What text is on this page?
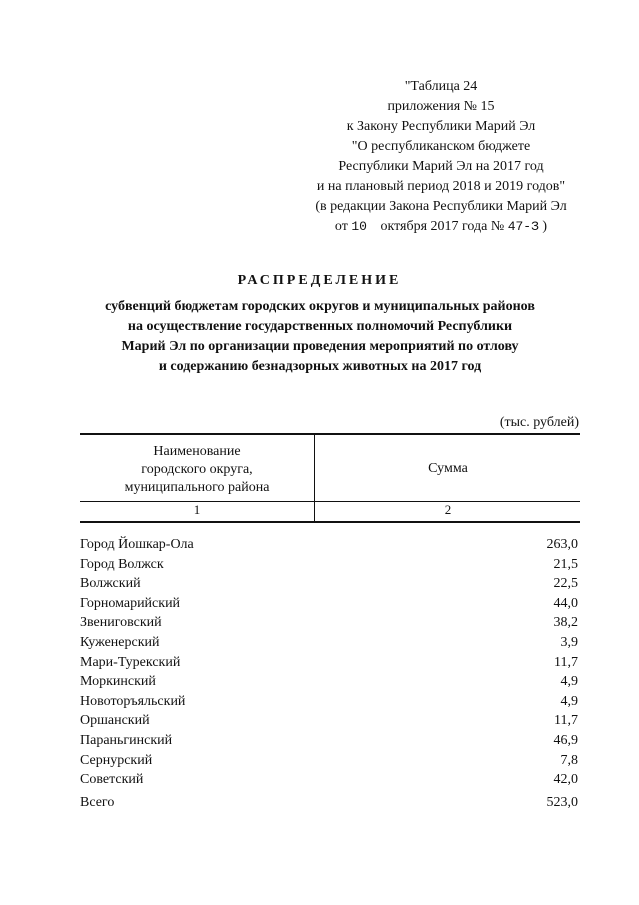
"Таблица 24
приложения № 15
к Закону Республики Марий Эл
"О республиканском бюджете
Республики Марий Эл на 2017 год
и на плановый период 2018 и 2019 годов"
(в редакции Закона Республики Марий Эл
от 10 октября 2017 года № 47-З )
РАСПРЕДЕЛЕНИЕ
субвенций бюджетам городских округов и муниципальных районов
на осуществление государственных полномочий Республики
Марий Эл по организации проведения мероприятий по отлову
и содержанию безнадзорных животных на 2017 год
(тыс. рублей)
Наименование
городского округа,
муниципального района
Сумма
1	2
Город Йошкар-Ола	263,0
Город Волжск	21,5
Волжский	22,5
Горномарийский	44,0
Звениговский	38,2
Куженерский	3,9
Мари-Турекский	11,7
Моркинский	4,9
Новоторъяльский	4,9
Оршанский	11,7
Параньгинский	46,9
Сернурский	7,8
Советский	42,0
Всего	523,0
